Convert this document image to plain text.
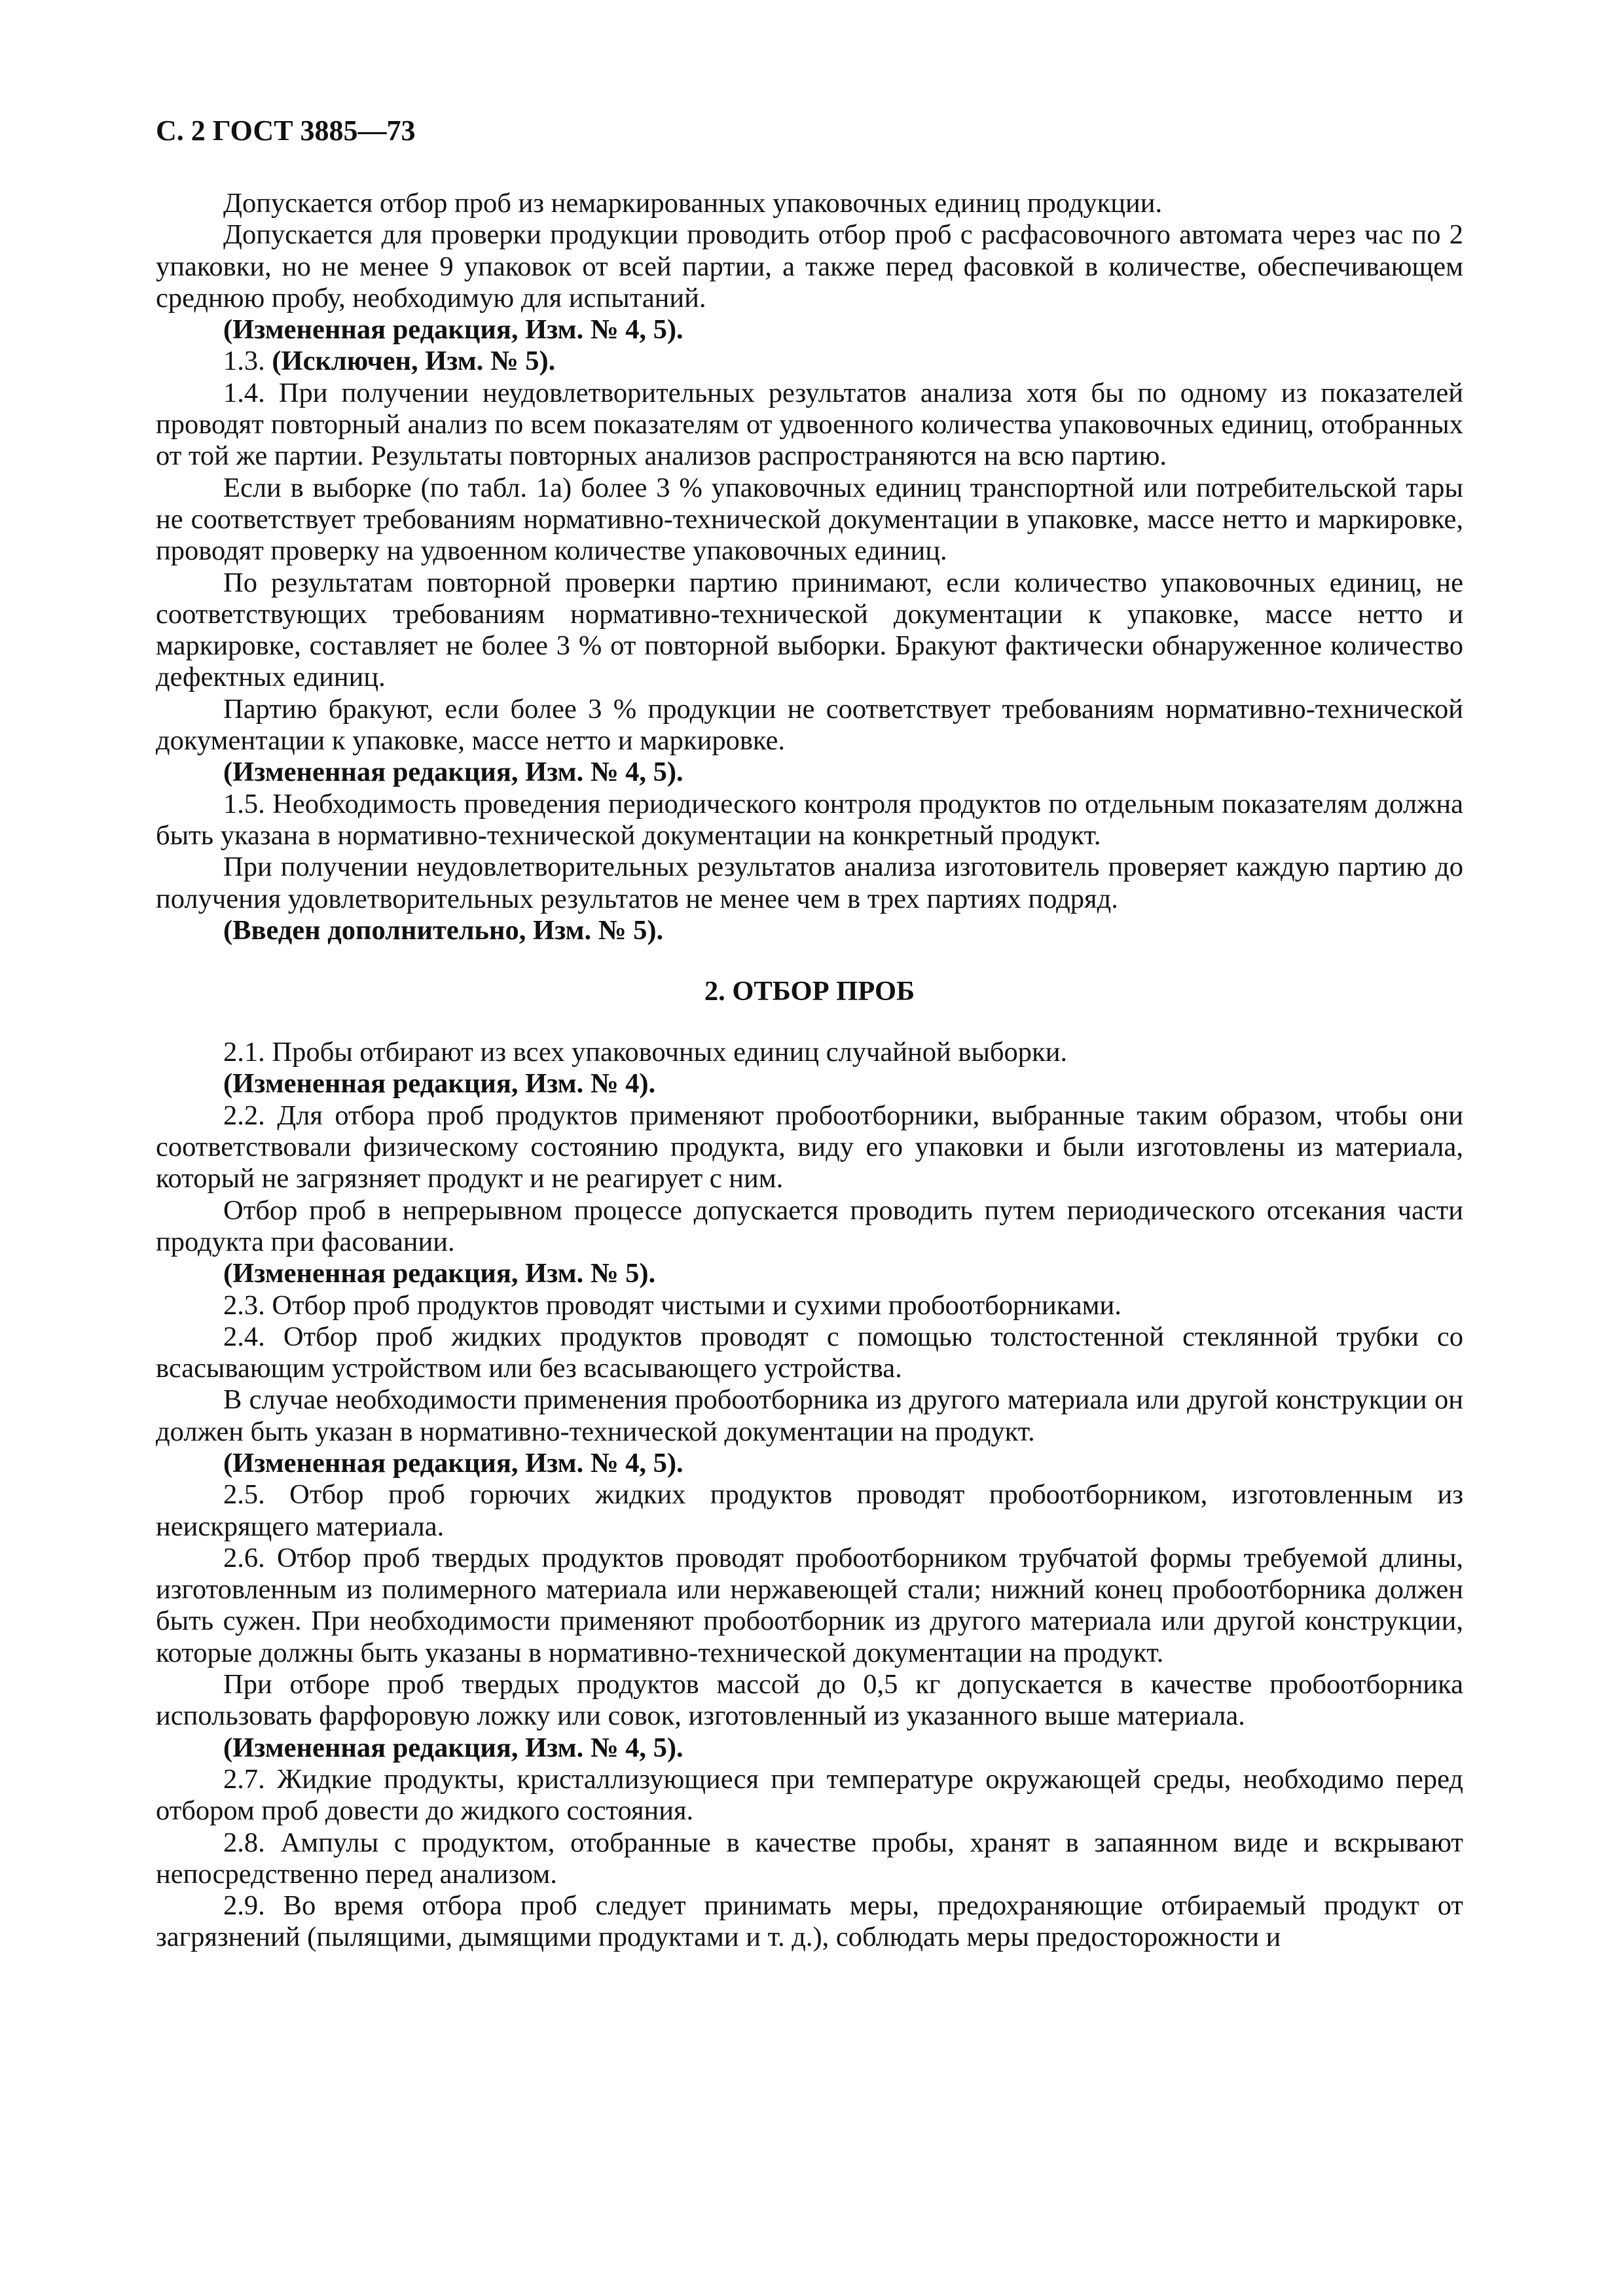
С. 2 ГОСТ 3885—73

Допускается отбор проб из немаркированных упаковочных единиц продукции.

Допускается для проверки продукции проводить отбор проб с расфасовочного автомата через час по 2 упаковки, но не менее 9 упаковок от всей партии, а также перед фасовкой в количестве, обеспечивающем среднюю пробу, необходимую для испытаний.

(Измененная редакция, Изм. № 4, 5).

1.3. (Исключен, Изм. № 5).

1.4. При получении неудовлетворительных результатов анализа хотя бы по одному из показателей проводят повторный анализ по всем показателям от удвоенного количества упаковочных единиц, отобранных от той же партии. Результаты повторных анализов распространяются на всю партию.

Если в выборке (по табл. 1а) более 3 % упаковочных единиц транспортной или потребительской тары не соответствует требованиям нормативно-технической документации в упаковке, массе нетто и маркировке, проводят проверку на удвоенном количестве упаковочных единиц.

По результатам повторной проверки партию принимают, если количество упаковочных единиц, не соответствующих требованиям нормативно-технической документации к упаковке, массе нетто и маркировке, составляет не более 3 % от повторной выборки. Бракуют фактически обнаруженное количество дефектных единиц.

Партию бракуют, если более 3 % продукции не соответствует требованиям нормативно-технической документации к упаковке, массе нетто и маркировке.

(Измененная редакция, Изм. № 4, 5).

1.5. Необходимость проведения периодического контроля продуктов по отдельным показателям должна быть указана в нормативно-технической документации на конкретный продукт.

При получении неудовлетворительных результатов анализа изготовитель проверяет каждую партию до получения удовлетворительных результатов не менее чем в трех партиях подряд.

(Введен дополнительно, Изм. № 5).

2. ОТБОР ПРОБ

2.1. Пробы отбирают из всех упаковочных единиц случайной выборки.

(Измененная редакция, Изм. № 4).

2.2. Для отбора проб продуктов применяют пробоотборники, выбранные таким образом, чтобы они соответствовали физическому состоянию продукта, виду его упаковки и были изготовлены из материала, который не загрязняет продукт и не реагирует с ним.

Отбор проб в непрерывном процессе допускается проводить путем периодического отсекания части продукта при фасовании.

(Измененная редакция, Изм. № 5).

2.3. Отбор проб продуктов проводят чистыми и сухими пробоотборниками.

2.4. Отбор проб жидких продуктов проводят с помощью толстостенной стеклянной трубки со всасывающим устройством или без всасывающего устройства.

В случае необходимости применения пробоотборника из другого материала или другой конструкции он должен быть указан в нормативно-технической документации на продукт.

(Измененная редакция, Изм. № 4, 5).

2.5. Отбор проб горючих жидких продуктов проводят пробоотборником, изготовленным из неискрящего материала.

2.6. Отбор проб твердых продуктов проводят пробоотборником трубчатой формы требуемой длины, изготовленным из полимерного материала или нержавеющей стали; нижний конец пробоотборника должен быть сужен. При необходимости применяют пробоотборник из другого материала или другой конструкции, которые должны быть указаны в нормативно-технической документации на продукт.

При отборе проб твердых продуктов массой до 0,5 кг допускается в качестве пробоотборника использовать фарфоровую ложку или совок, изготовленный из указанного выше материала.

(Измененная редакция, Изм. № 4, 5).

2.7. Жидкие продукты, кристаллизующиеся при температуре окружающей среды, необходимо перед отбором проб довести до жидкого состояния.

2.8. Ампулы с продуктом, отобранные в качестве пробы, хранят в запаянном виде и вскрывают непосредственно перед анализом.

2.9. Во время отбора проб следует принимать меры, предохраняющие отбираемый продукт от загрязнений (пылящими, дымящими продуктами и т. д.), соблюдать меры предосторожности и
